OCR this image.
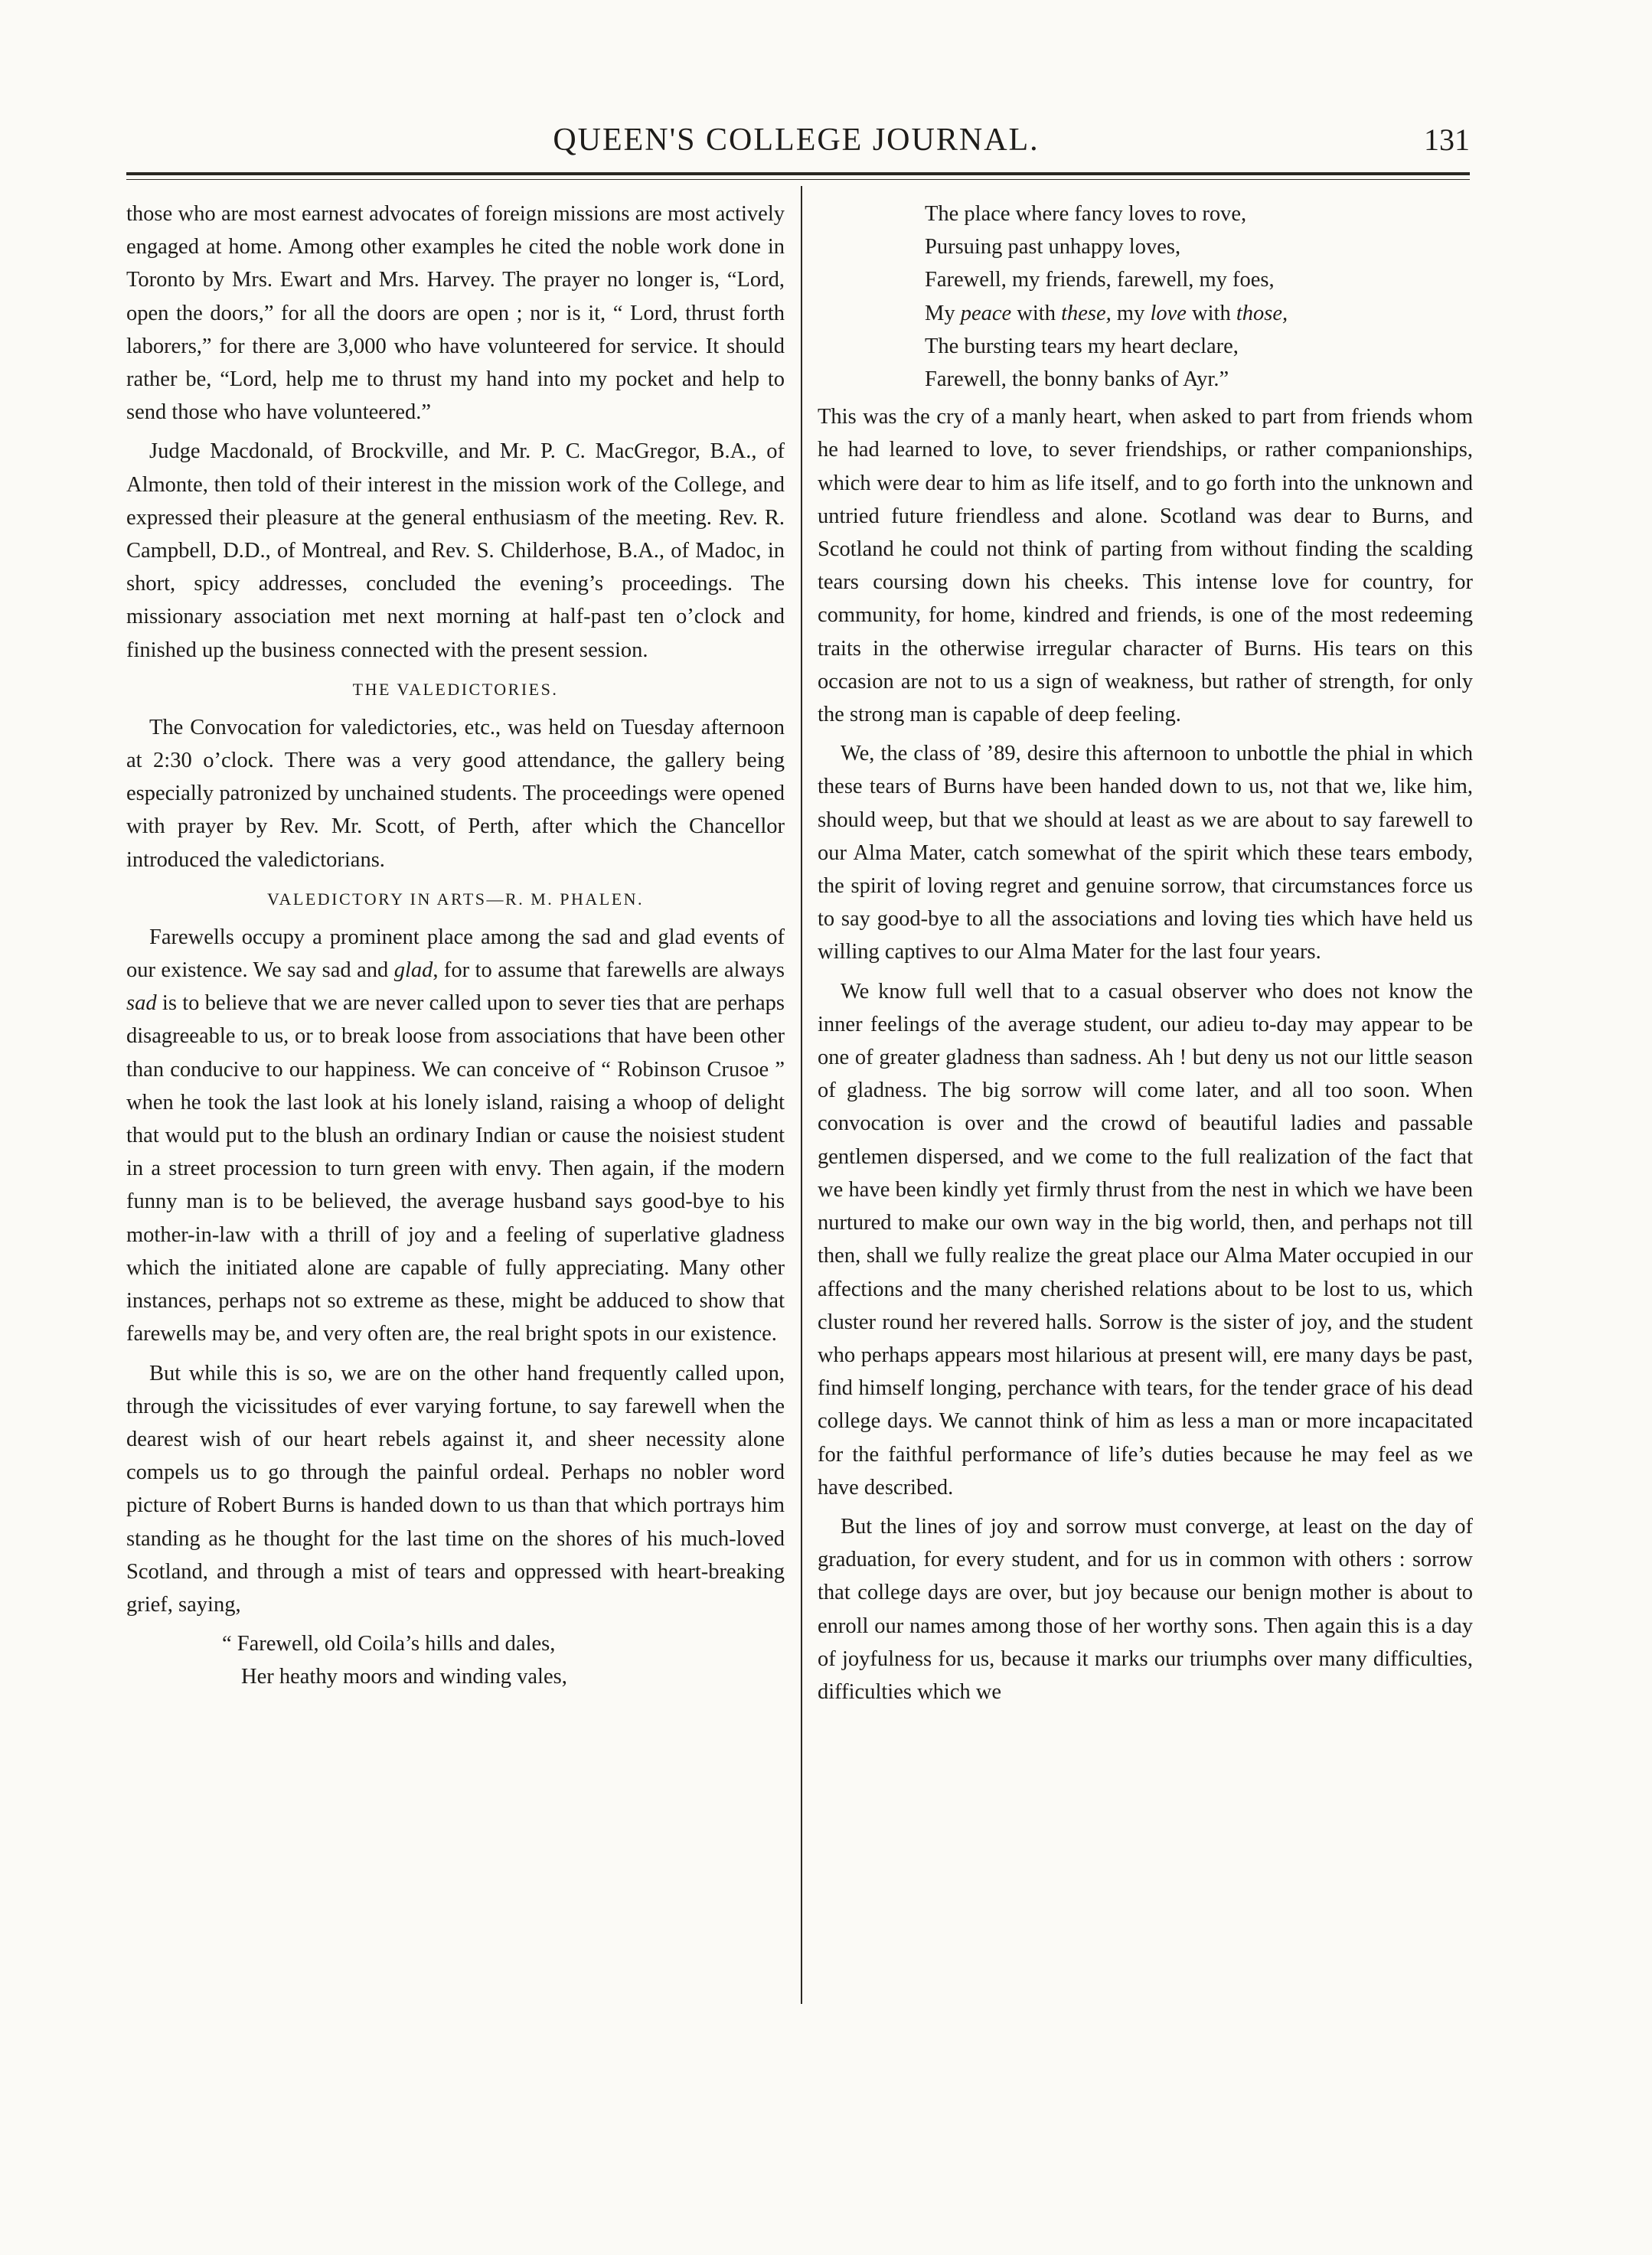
QUEEN'S COLLEGE JOURNAL.	131

those who are most earnest advocates of foreign missions are most actively engaged at home. Among other examples he cited the noble work done in Toronto by Mrs. Ewart and Mrs. Harvey. The prayer no longer is, “Lord, open the doors,” for all the doors are open ; nor is it, “ Lord, thrust forth laborers,” for there are 3,000 who have volunteered for service. It should rather be, “Lord, help me to thrust my hand into my pocket and help to send those who have volunteered.”

Judge Macdonald, of Brockville, and Mr. P. C. MacGregor, B.A., of Almonte, then told of their interest in the mission work of the College, and expressed their pleasure at the general enthusiasm of the meeting. Rev. R. Campbell, D.D., of Montreal, and Rev. S. Childerhose, B.A., of Madoc, in short, spicy addresses, concluded the evening’s proceedings. The missionary association met next morning at half-past ten o’clock and finished up the business connected with the present session.

THE VALEDICTORIES.

The Convocation for valedictories, etc., was held on Tuesday afternoon at 2:30 o’clock. There was a very good attendance, the gallery being especially patronized by unchained students. The proceedings were opened with prayer by Rev. Mr. Scott, of Perth, after which the Chancellor introduced the valedictorians.

VALEDICTORY IN ARTS—R. M. PHALEN.

Farewells occupy a prominent place among the sad and glad events of our existence. We say sad and glad, for to assume that farewells are always sad is to believe that we are never called upon to sever ties that are perhaps disagreeable to us, or to break loose from associations that have been other than conducive to our happiness. We can conceive of “ Robinson Crusoe ” when he took the last look at his lonely island, raising a whoop of delight that would put to the blush an ordinary Indian or cause the noisiest student in a street procession to turn green with envy. Then again, if the modern funny man is to be believed, the average husband says good-bye to his mother-in-law with a thrill of joy and a feeling of superlative gladness which the initiated alone are capable of fully appreciating. Many other instances, perhaps not so extreme as these, might be adduced to show that farewells may be, and very often are, the real bright spots in our existence.

But while this is so, we are on the other hand frequently called upon, through the vicissitudes of ever varying fortune, to say farewell when the dearest wish of our heart rebels against it, and sheer necessity alone compels us to go through the painful ordeal. Perhaps no nobler word picture of Robert Burns is handed down to us than that which portrays him standing as he thought for the last time on the shores of his much-loved Scotland, and through a mist of tears and oppressed with heart-breaking grief, saying,

“ Farewell, old Coila’s hills and dales,
Her heathy moors and winding vales,
The place where fancy loves to rove,
Pursuing past unhappy loves,
Farewell, my friends, farewell, my foes,
My peace with these, my love with those,
The bursting tears my heart declare,
Farewell, the bonny banks of Ayr.”

This was the cry of a manly heart, when asked to part from friends whom he had learned to love, to sever friendships, or rather companionships, which were dear to him as life itself, and to go forth into the unknown and untried future friendless and alone. Scotland was dear to Burns, and Scotland he could not think of parting from without finding the scalding tears coursing down his cheeks. This intense love for country, for community, for home, kindred and friends, is one of the most redeeming traits in the otherwise irregular character of Burns. His tears on this occasion are not to us a sign of weakness, but rather of strength, for only the strong man is capable of deep feeling.

We, the class of ’89, desire this afternoon to unbottle the phial in which these tears of Burns have been handed down to us, not that we, like him, should weep, but that we should at least as we are about to say farewell to our Alma Mater, catch somewhat of the spirit which these tears embody, the spirit of loving regret and genuine sorrow, that circumstances force us to say good-bye to all the associations and loving ties which have held us willing captives to our Alma Mater for the last four years.

We know full well that to a casual observer who does not know the inner feelings of the average student, our adieu to-day may appear to be one of greater gladness than sadness. Ah ! but deny us not our little season of gladness. The big sorrow will come later, and all too soon. When convocation is over and the crowd of beautiful ladies and passable gentlemen dispersed, and we come to the full realization of the fact that we have been kindly yet firmly thrust from the nest in which we have been nurtured to make our own way in the big world, then, and perhaps not till then, shall we fully realize the great place our Alma Mater occupied in our affections and the many cherished relations about to be lost to us, which cluster round her revered halls. Sorrow is the sister of joy, and the student who perhaps appears most hilarious at present will, ere many days be past, find himself longing, perchance with tears, for the tender grace of his dead college days. We cannot think of him as less a man or more incapacitated for the faithful performance of life’s duties because he may feel as we have described.

But the lines of joy and sorrow must converge, at least on the day of graduation, for every student, and for us in common with others : sorrow that college days are over, but joy because our benign mother is about to enroll our names among those of her worthy sons. Then again this is a day of joyfulness for us, because it marks our triumphs over many difficulties, difficulties which we
